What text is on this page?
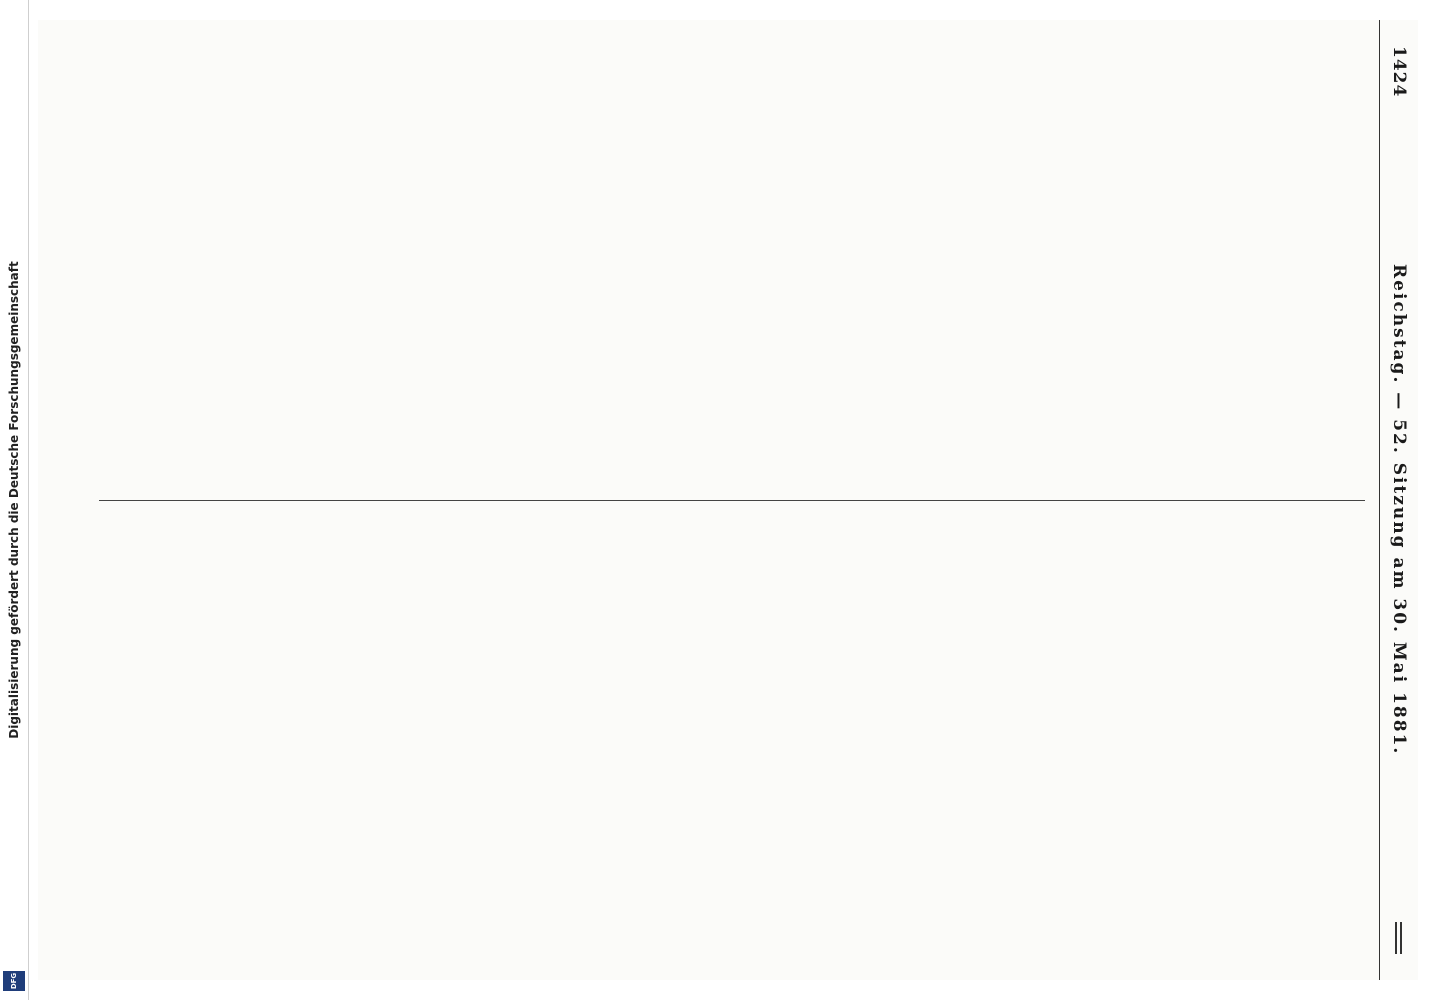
Digitalisierung gefördert durch die Deutsche Forschungsgemeinschaft
DFG
1424
Reichstag. — 52. Sitzung am 30. Mai 1881.
